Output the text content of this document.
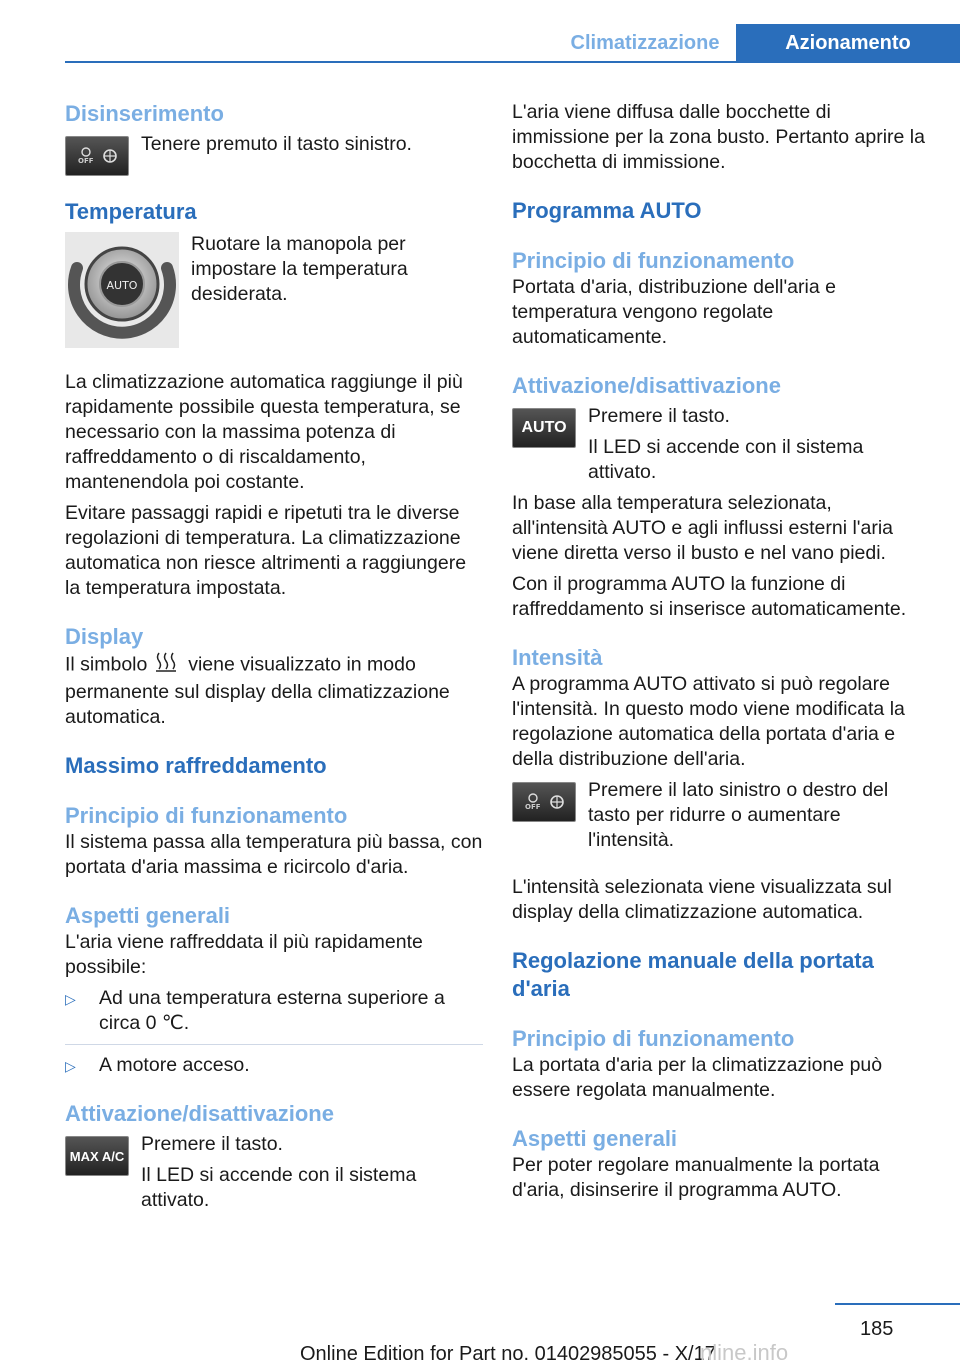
Climatizzazione	Azionamento
Disinserimento
OFF

Tenere premuto il tasto sinistro.

Temperatura
AUTO

Ruotare la manopola per impostare la temperatura desiderata.

La climatizzazione automatica raggiunge il più rapidamente possibile questa temperatura, se necessario con la massima potenza di raffreddamento o di riscaldamento, mantenendola poi costante.

Evitare passaggi rapidi e ripetuti tra le diverse regolazioni di temperatura. La climatizzazione automatica non riesce altrimenti a raggiungere la temperatura impostata.

Display

Il simbolo viene visualizzato in modo permanente sul display della climatizzazione automatica.

Massimo raffreddamento
Principio di funzionamento

Il sistema passa alla temperatura più bassa, con portata d'aria massima e ricircolo d'aria.

Aspetti generali

L'aria viene raffreddata il più rapidamente possibile:

▷	Ad una temperatura esterna superiore a circa 0 ℃.

▷	A motore acceso.

Attivazione/disattivazione
MAX A/C

Premere il tasto.

Il LED si accende con il sistema attivato.

L'aria viene diffusa dalle bocchette di immissione per la zona busto. Pertanto aprire la bocchetta di immissione.

Programma AUTO
Principio di funzionamento

Portata d'aria, distribuzione dell'aria e temperatura vengono regolate automaticamente.

Attivazione/disattivazione
AUTO

Premere il tasto.

Il LED si accende con il sistema attivato.

In base alla temperatura selezionata, all'intensità AUTO e agli influssi esterni l'aria viene diretta verso il busto e nel vano piedi.

Con il programma AUTO la funzione di raffreddamento si inserisce automaticamente.

Intensità

A programma AUTO attivato si può regolare l'intensità. In questo modo viene modificata la regolazione automatica della portata d'aria e della distribuzione dell'aria.

OFF

Premere il lato sinistro o destro del tasto per ridurre o aumentare l'intensità.

L'intensità selezionata viene visualizzata sul display della climatizzazione automatica.

Regolazione manuale della portata d'aria
Principio di funzionamento

La portata d'aria per la climatizzazione può essere regolata manualmente.

Aspetti generali

Per poter regolare manualmente la portata d'aria, disinserire il programma AUTO.

185
Online Edition for Part no. 01402985055 - X/17
nline.info
